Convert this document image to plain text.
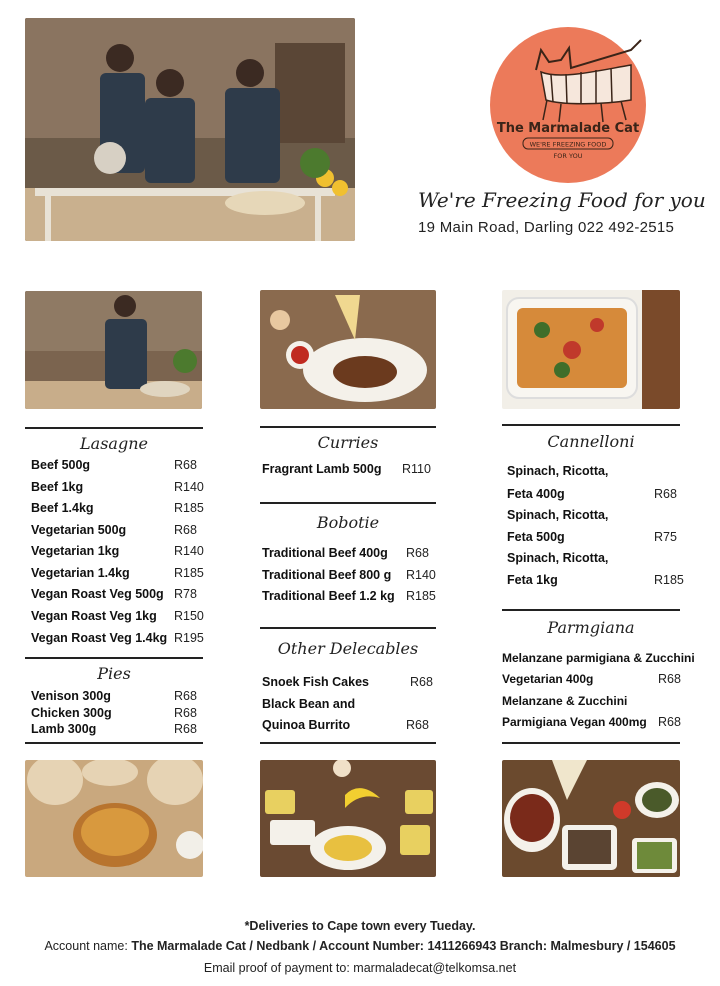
The Marmalade Cat
WE'RE FREEZING FOOD
FOR YOU
We're Freezing Food for you
19 Main Road, Darling 022 492-2515
Lasagne
Beef 500g	R68
Beef 1kg	R140
Beef 1.4kg	R185
Vegetarian 500g	R68
Vegetarian 1kg	R140
Vegetarian 1.4kg	R185
Vegan Roast Veg 500g R78
Vegan Roast Veg 1kg R150
Vegan Roast Veg 1.4kg R195
Pies
Venison 300g	R68
Chicken 300g	R68
Lamb 300g	R68
Curries
Fragrant Lamb 500g R110
Bobotie
Traditional Beef 400g R68
Traditional Beef 800 g R140
Traditional Beef 1.2 kg R185
Other Delecables
Snoek Fish Cakes	R68
Black Bean and
Quinoa Burrito	R68
Cannelloni
Spinach, Ricotta,
Feta 400g	R68
Spinach, Ricotta,
Feta 500g	R75
Spinach, Ricotta,
Feta 1kg	R185
Parmgiana
Melanzane parmigiana & Zucchini
Vegetarian 400g	R68
Melanzane & Zucchini
Parmigiana Vegan 400mg R68
*Deliveries to Cape town every Tueday.
Account name: The Marmalade Cat / Nedbank / Account Number: 1411266943 Branch: Malmesbury / 154605
Email proof of payment to: marmaladecat@telkomsa.net
